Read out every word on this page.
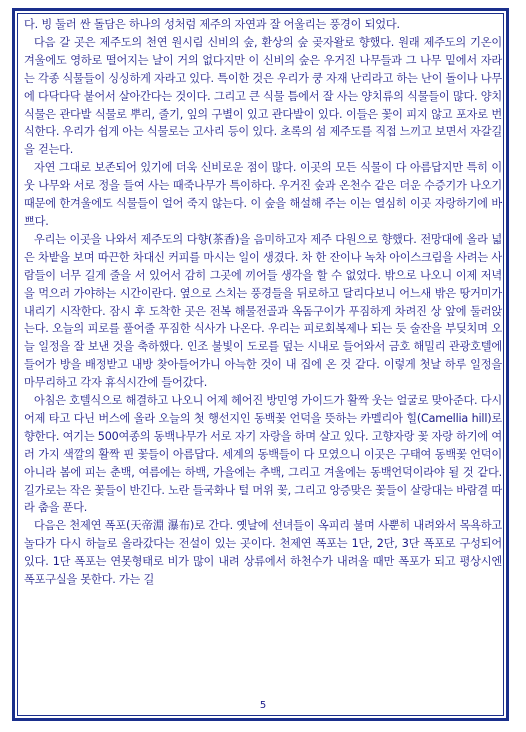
다. 빙 둘러 싼 돌담은 하나의 성처럼 제주의 자연과 잘 어울리는 풍경이 되었다.

다음 갈 곳은 제주도의 천연 원시림 신비의 숲, 환상의 숲 곶자왈로 향했다. 원래 제주도의 기온이 겨울에도 영하로 떨어지는 날이 거의 없다지만 이 신비의 숲은 우거진 나무들과 그 나무 밑에서 자라는 각종 식물들이 싱싱하게 자라고 있다. 특이한 것은 우리가 쿵 자재 난리라고 하는 난이 돌이나 나무에 다닥다닥 붙어서 살아간다는 것이다. 그리고 큰 식물 틈에서 잘 사는 양치류의 식물들이 많다. 양치식물은 관다발 식물로 뿌리, 줄기, 잎의 구별이 있고 관다발이 있다. 이들은 꽃이 피지 않고 포자로 번식한다. 우리가 쉽게 아는 식물로는 고사리 등이 있다. 초록의 섬 제주도를 직접 느끼고 보면서 자갈길을 걷는다.

자연 그대로 보존되어 있기에 더욱 신비로운 점이 많다. 이곳의 모든 식물이 다 아름답지만 특히 이웃 나무와 서로 정을 들여 사는 때죽나무가 특이하다. 우거진 숲과 온천수 같은 더운 수증기가 나오기 때문에 한겨울에도 식물들이 얼어 죽지 않는다. 이 숲을 해설해 주는 이는 열심히 이곳 자랑하기에 바쁘다.

우리는 이곳을 나와서 제주도의 다향(茶香)을 음미하고자 제주 다원으로 향했다. 전망대에 올라 넓은 차밭을 보며 따끈한 차대신 커피를 마시는 일이 생겼다. 차 한 잔이나 녹차 아이스크림을 사려는 사람들이 너무 길게 줄을 서 있어서 감히 그곳에 끼어들 생각을 할 수 없었다. 밖으로 나오니 이제 저녁을 먹으러 가야하는 시간이란다. 옆으로 스치는 풍경들을 뒤로하고 달리다보니 어느새 밖은 땅거미가 내리기 시작한다. 잠시 후 도착한 곳은 전복 해물전골과 옥돔구이가 푸짐하게 차려진 상 앞에 둘러앉는다. 오늘의 피로를 풀어줄 푸짐한 식사가 나온다. 우리는 피로회복제나 되는 듯 술잔을 부딪치며 오늘 일정을 잘 보낸 것을 축하했다. 인조 불빛이 도로를 덮는 시내로 들어와서 금호 해밀리 관광호텔에 들어가 방을 배정받고 내방 찾아들어가니 아늑한 것이 내 집에 온 것 같다. 이렇게 첫날 하루 일정을 마무리하고 각자 휴식시간에 들어갔다.

아침은 호텔식으로 해결하고 나오니 어제 헤어진 방민영 가이드가 활짝 웃는 얼굴로 맞아준다. 다시 어제 타고 다닌 버스에 올라 오늘의 첫 행선지인 동백꽃 언덕을 뜻하는 카멜리아 힐(Camellia hill)로 향한다. 여기는 500여종의 동백나무가 서로 자기 자랑을 하며 살고 있다. 고향자랑 꽃 자랑 하기에 여러 가지 색깔의 활짝 핀 꽃들이 아름답다. 세계의 동백들이 다 모였으니 이곳은 구태여 동백꽃 언덕이 아니라 봄에 피는 춘백, 여름에는 하백, 가을에는 추백, 그리고 겨울에는 동백언덕이라야 될 것 같다. 길가로는 작은 꽃들이 반긴다. 노란 들국화나 털 머위 꽃, 그리고 앙증맞은 꽃들이 살랑대는 바람결 따라 춤을 푼다.

다음은 천제연 폭포(天帝淵 瀑布)로 간다. 옛날에 선녀들이 옥피리 불며 사뿐히 내려와서 목욕하고 놀다가 다시 하늘로 올라갔다는 전설이 있는 곳이다. 천제연 폭포는 1단, 2단, 3단 폭포로 구성되어 있다. 1단 폭포는 연못형태로 비가 많이 내려 상류에서 하천수가 내려올 때만 폭포가 되고 평상시엔 폭포구실을 못한다. 가는 길

5
